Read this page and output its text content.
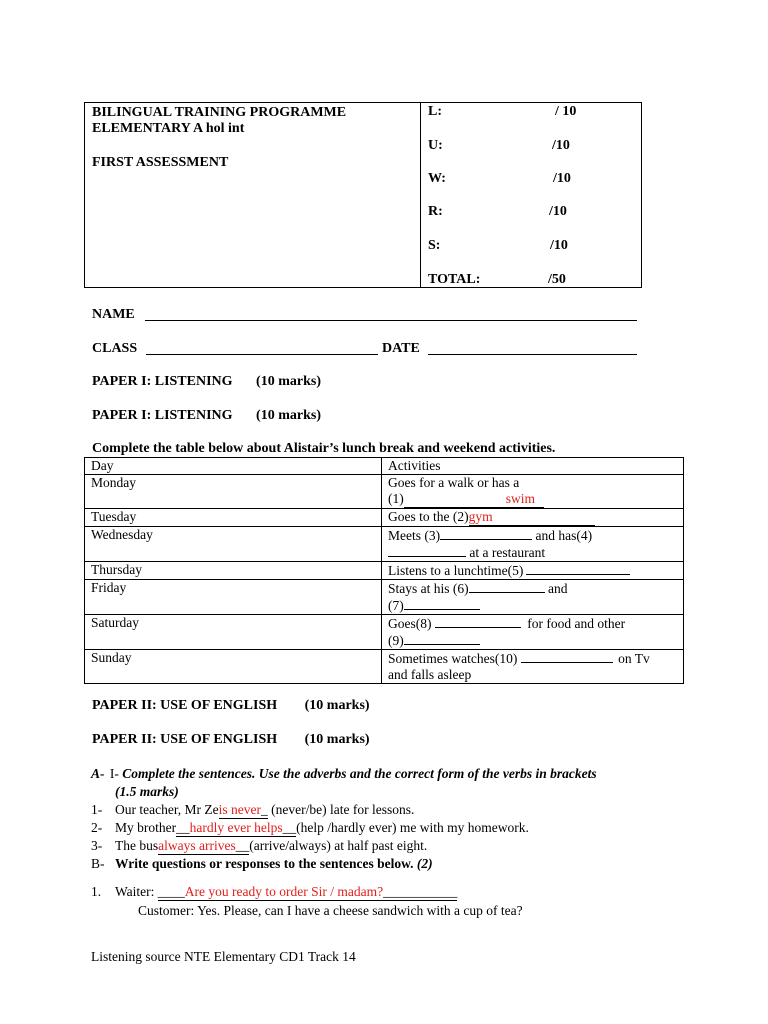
BILINGUAL TRAINING PROGRAMME
ELEMENTARY A hol int
FIRST ASSESSMENT
L:	/ 10
U:	/10
W:	/10
R:	/10
S:	/10
TOTAL:	/50
NAME
CLASS	DATE
PAPER I: LISTENING (10 marks)
PAPER I: LISTENING (10 marks)
Complete the table below about Alistair’s lunch break and weekend activities.
Day	Activities
Monday	Goes for a walk or has a
(1) swim
Tuesday	Goes to the (2)gym
Wednesday	Meets (3) and has(4)
at a restaurant
Thursday	Listens to a lunchtime(5)
Friday	Stays at his (6) and
(7)
Saturday	Goes(8) for food and other
(9)
Sunday	Sometimes watches(10) on Tv
and falls asleep
PAPER II: USE OF ENGLISH (10 marks)
PAPER II: USE OF ENGLISH (10 marks)
A- I- Complete the sentences. Use the adverbs and the correct form of the verbs in brackets
(1.5 marks)
1- Our teacher, Mr Zeis never_ (never/be) late for lessons.
2- My brother__hardly ever helps__(help /hardly ever) me with my homework.
3- The busalways arrives__(arrive/always) at half past eight.
B- Write questions or responses to the sentences below. (2)
1. Waiter: ____Are you ready to order Sir / madam?___________
Customer: Yes. Please, can I have a cheese sandwich with a cup of tea?
Listening source NTE Elementary CD1 Track 14
